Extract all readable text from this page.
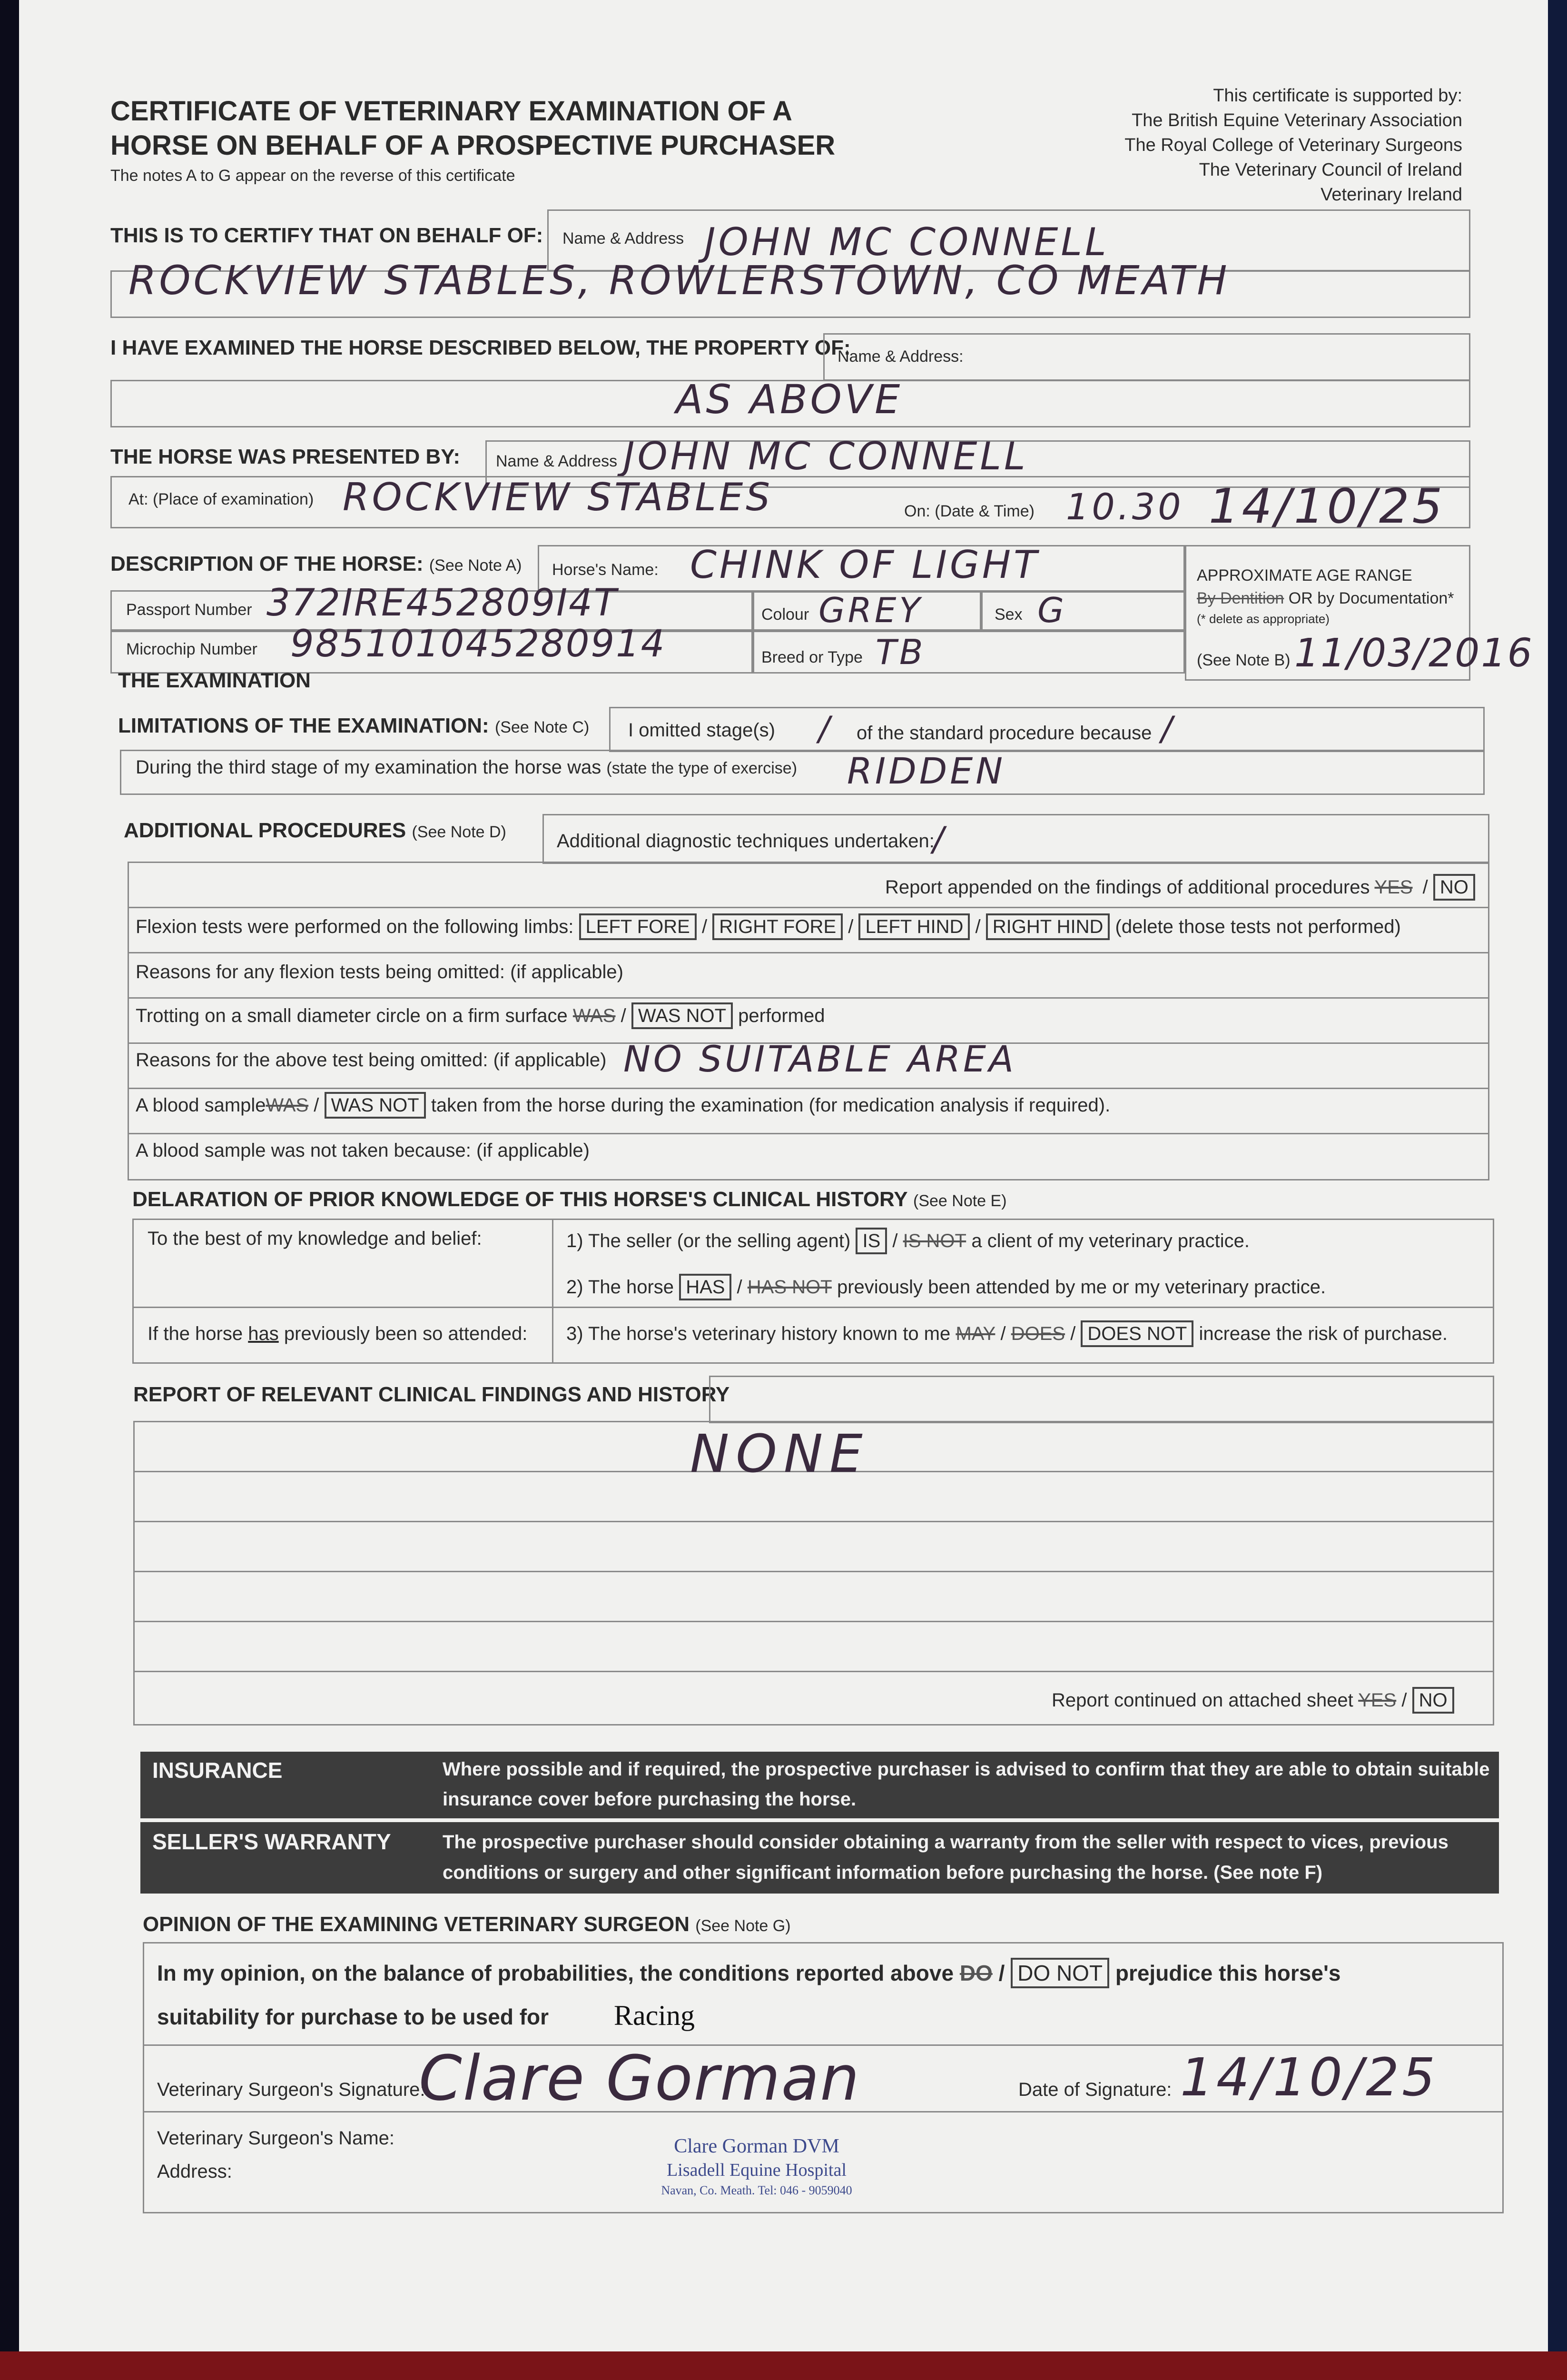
CERTIFICATE OF VETERINARY EXAMINATION OF A
HORSE ON BEHALF OF A PROSPECTIVE PURCHASER
The notes A to G appear on the reverse of this certificate
This certificate is supported by:
The British Equine Veterinary Association
The Royal College of Veterinary Surgeons
The Veterinary Council of Ireland
Veterinary Ireland
THIS IS TO CERTIFY THAT ON BEHALF OF: Name & Address JOHN MC CONNELL
ROCKVIEW STABLES, ROWLERSTOWN, CO MEATH
I HAVE EXAMINED THE HORSE DESCRIBED BELOW, THE PROPERTY OF:
Name & Address:
AS ABOVE
THE HORSE WAS PRESENTED BY: Name & Address JOHN MC CONNELL
At: (Place of examination) ROCKVIEW STABLES	On: (Date & Time) 10.30 14/10/25
DESCRIPTION OF THE HORSE: (See Note A) Horse's Name: CHINK OF LIGHT
Passport Number 372IRE452809I4T	Colour GREY	Sex G
Microchip Number 985101045280914	Breed or Type TB
APPROXIMATE AGE RANGE
By Dentition OR by Documentation*
(* delete as appropriate)
(See Note B) 11/03/2016
THE EXAMINATION
LIMITATIONS OF THE EXAMINATION: (See Note C) I omitted stage(s) / of the standard procedure because /
During the third stage of my examination the horse was (state the type of exercise) RIDDEN
ADDITIONAL PROCEDURES (See Note D)	Additional diagnostic techniques undertaken:
/
Report appended on the findings of additional procedures YES / NO
Flexion tests were performed on the following limbs: LEFT FORE / RIGHT FORE / LEFT HIND / RIGHT HIND (delete those tests not performed)
Reasons for any flexion tests being omitted: (if applicable)
Trotting on a small diameter circle on a firm surface WAS / WAS NOT performed
Reasons for the above test being omitted: (if applicable) NO SUITABLE AREA
A blood sampleWAS / WAS NOT taken from the horse during the examination (for medication analysis if required).
A blood sample was not taken because: (if applicable)
DELARATION OF PRIOR KNOWLEDGE OF THIS HORSE'S CLINICAL HISTORY (See Note E)
To the best of my knowledge and belief:	1) The seller (or the selling agent) IS / IS NOT a client of my veterinary practice.
2) The horse HAS / HAS NOT previously been attended by me or my veterinary practice.
If the horse has previously been so attended: 3) The horse's veterinary history known to me MAY / DOES / DOES NOT increase the risk of purchase.
REPORT OF RELEVANT CLINICAL FINDINGS AND HISTORY
NONE
Report continued on attached sheet YES / NO
INSURANCE	Where possible and if required, the prospective purchaser is advised to confirm that they are able to obtain suitable
insurance cover before purchasing the horse.
SELLER'S WARRANTY	The prospective purchaser should consider obtaining a warranty from the seller with respect to vices, previous
conditions or surgery and other significant information before purchasing the horse. (See note F)
OPINION OF THE EXAMINING VETERINARY SURGEON (See Note G)
In my opinion, on the balance of probabilities, the conditions reported above DO / DO NOT prejudice this horse's
suitability for purchase to be used for Racing
Veterinary Surgeon's Signature:
Clare Gorman	Date of Signature: 14/10/25
Veterinary Surgeon's Name:
Address:
Clare Gorman DVM
Lisadell Equine Hospital
Navan, Co. Meath. Tel: 046 - 9059040
